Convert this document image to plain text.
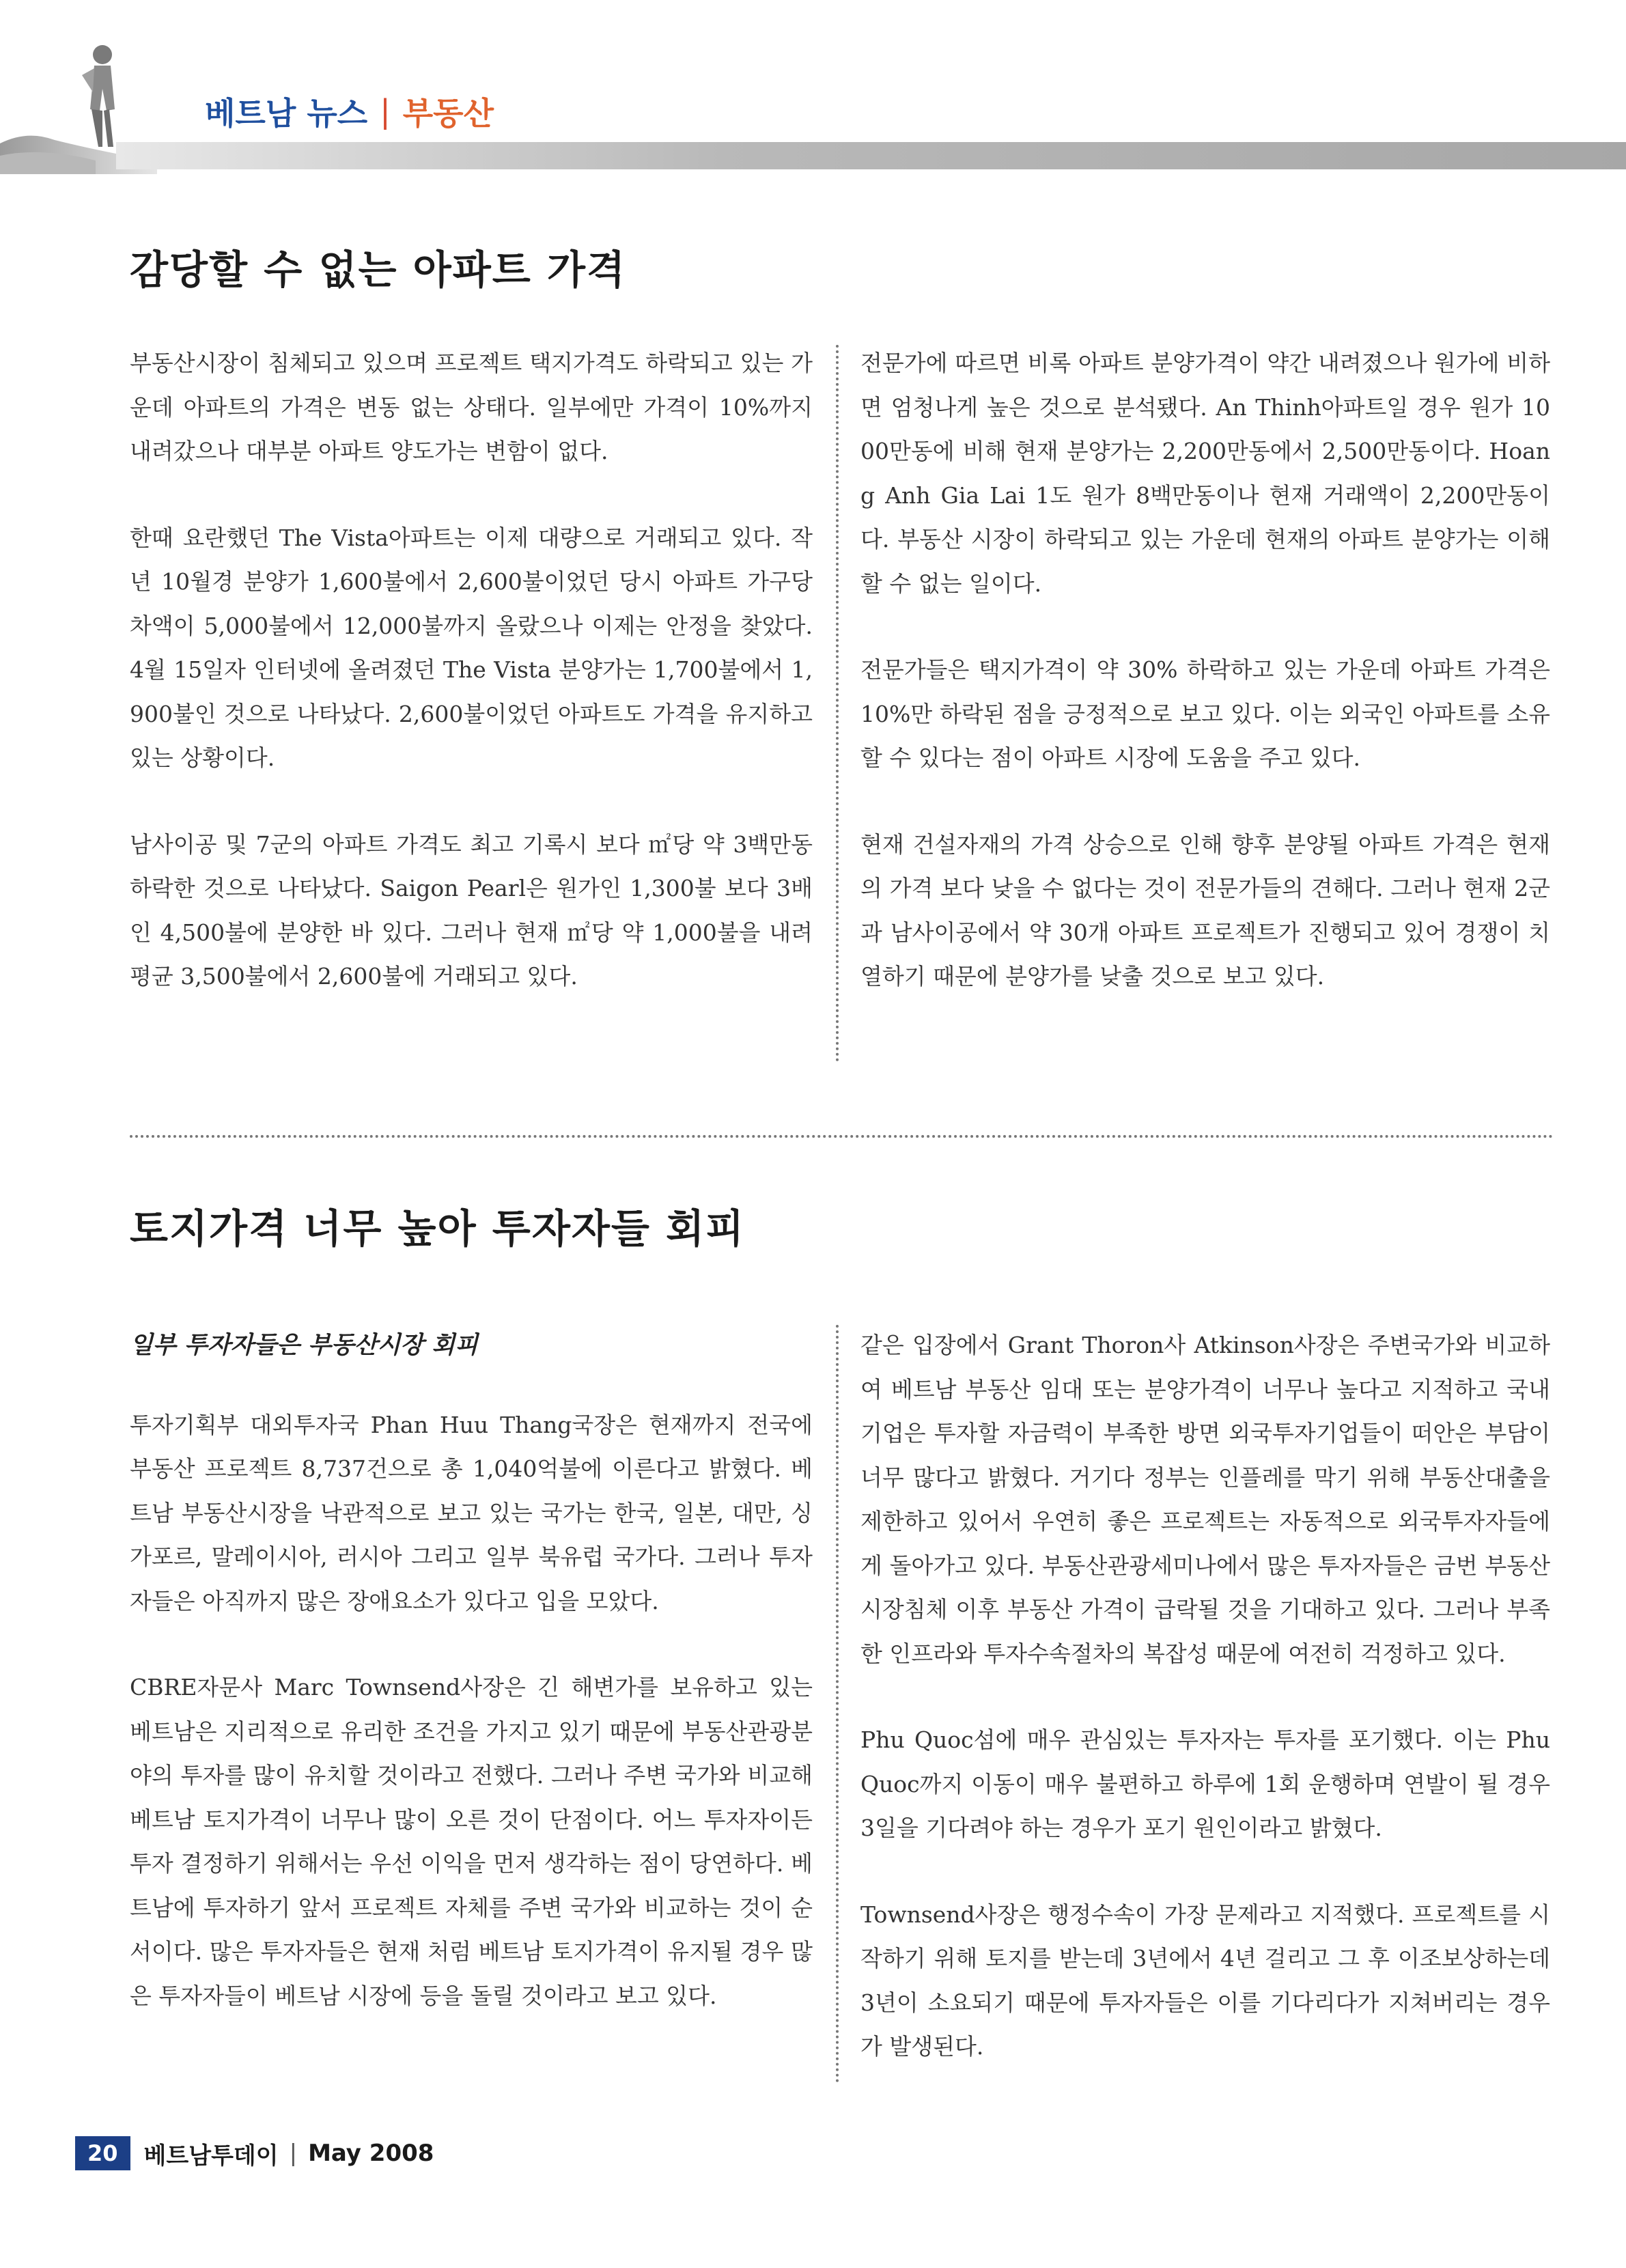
베트남 뉴스 | 부동산
감당할 수 없는 아파트 가격

부동산시장이 침체되고 있으며 프로젝트 택지가격도 하락되고 있는 가운데 아파트의 가격은 변동 없는 상태다. 일부에만 가격이 10%까지 내려갔으나 대부분 아파트 양도가는 변함이 없다.

한때 요란했던 The Vista아파트는 이제 대량으로 거래되고 있다. 작년 10월경 분양가 1,600불에서 2,600불이었던 당시 아파트 가구당 차액이 5,000불에서 12,000불까지 올랐으나 이제는 안정을 찾았다. 4월 15일자 인터넷에 올려졌던 The Vista 분양가는 1,700불에서 1,900불인 것으로 나타났다. 2,600불이었던 아파트도 가격을 유지하고 있는 상황이다.

남사이공 및 7군의 아파트 가격도 최고 기록시 보다 ㎡당 약 3백만동 하락한 것으로 나타났다. Saigon Pearl은 원가인 1,300불 보다 3배인 4,500불에 분양한 바 있다. 그러나 현재 ㎡당 약 1,000불을 내려 평균 3,500불에서 2,600불에 거래되고 있다.

전문가에 따르면 비록 아파트 분양가격이 약간 내려졌으나 원가에 비하면 엄청나게 높은 것으로 분석됐다. An Thinh아파트일 경우 원가 1000만동에 비해 현재 분양가는 2,200만동에서 2,500만동이다. Hoang Anh Gia Lai 1도 원가 8백만동이나 현재 거래액이 2,200만동이다. 부동산 시장이 하락되고 있는 가운데 현재의 아파트 분양가는 이해할 수 없는 일이다.

전문가들은 택지가격이 약 30% 하락하고 있는 가운데 아파트 가격은 10%만 하락된 점을 긍정적으로 보고 있다. 이는 외국인 아파트를 소유할 수 있다는 점이 아파트 시장에 도움을 주고 있다.

현재 건설자재의 가격 상승으로 인해 향후 분양될 아파트 가격은 현재의 가격 보다 낮을 수 없다는 것이 전문가들의 견해다. 그러나 현재 2군과 남사이공에서 약 30개 아파트 프로젝트가 진행되고 있어 경쟁이 치열하기 때문에 분양가를 낮출 것으로 보고 있다.

토지가격 너무 높아 투자자들 회피

일부 투자자들은 부동산시장 회피

투자기획부 대외투자국 Phan Huu Thang국장은 현재까지 전국에 부동산 프로젝트 8,737건으로 총 1,040억불에 이른다고 밝혔다. 베트남 부동산시장을 낙관적으로 보고 있는 국가는 한국, 일본, 대만, 싱가포르, 말레이시아, 러시아 그리고 일부 북유럽 국가다. 그러나 투자자들은 아직까지 많은 장애요소가 있다고 입을 모았다.

CBRE자문사 Marc Townsend사장은 긴 해변가를 보유하고 있는 베트남은 지리적으로 유리한 조건을 가지고 있기 때문에 부동산관광분야의 투자를 많이 유치할 것이라고 전했다. 그러나 주변 국가와 비교해 베트남 토지가격이 너무나 많이 오른 것이 단점이다. 어느 투자자이든 투자 결정하기 위해서는 우선 이익을 먼저 생각하는 점이 당연하다. 베트남에 투자하기 앞서 프로젝트 자체를 주변 국가와 비교하는 것이 순서이다. 많은 투자자들은 현재 처럼 베트남 토지가격이 유지될 경우 많은 투자자들이 베트남 시장에 등을 돌릴 것이라고 보고 있다.

같은 입장에서 Grant Thoron사 Atkinson사장은 주변국가와 비교하여 베트남 부동산 임대 또는 분양가격이 너무나 높다고 지적하고 국내기업은 투자할 자금력이 부족한 방면 외국투자기업들이 떠안은 부담이 너무 많다고 밝혔다. 거기다 정부는 인플레를 막기 위해 부동산대출을 제한하고 있어서 우연히 좋은 프로젝트는 자동적으로 외국투자자들에게 돌아가고 있다. 부동산관광세미나에서 많은 투자자들은 금번 부동산 시장침체 이후 부동산 가격이 급락될 것을 기대하고 있다. 그러나 부족한 인프라와 투자수속절차의 복잡성 때문에 여전히 걱정하고 있다.

Phu Quoc섬에 매우 관심있는 투자자는 투자를 포기했다. 이는 Phu Quoc까지 이동이 매우 불편하고 하루에 1회 운행하며 연발이 될 경우 3일을 기다려야 하는 경우가 포기 원인이라고 밝혔다.

Townsend사장은 행정수속이 가장 문제라고 지적했다. 프로젝트를 시작하기 위해 토지를 받는데 3년에서 4년 걸리고 그 후 이조보상하는데 3년이 소요되기 때문에 투자자들은 이를 기다리다가 지쳐버리는 경우가 발생된다.

20	베트남투데이 | May 2008
